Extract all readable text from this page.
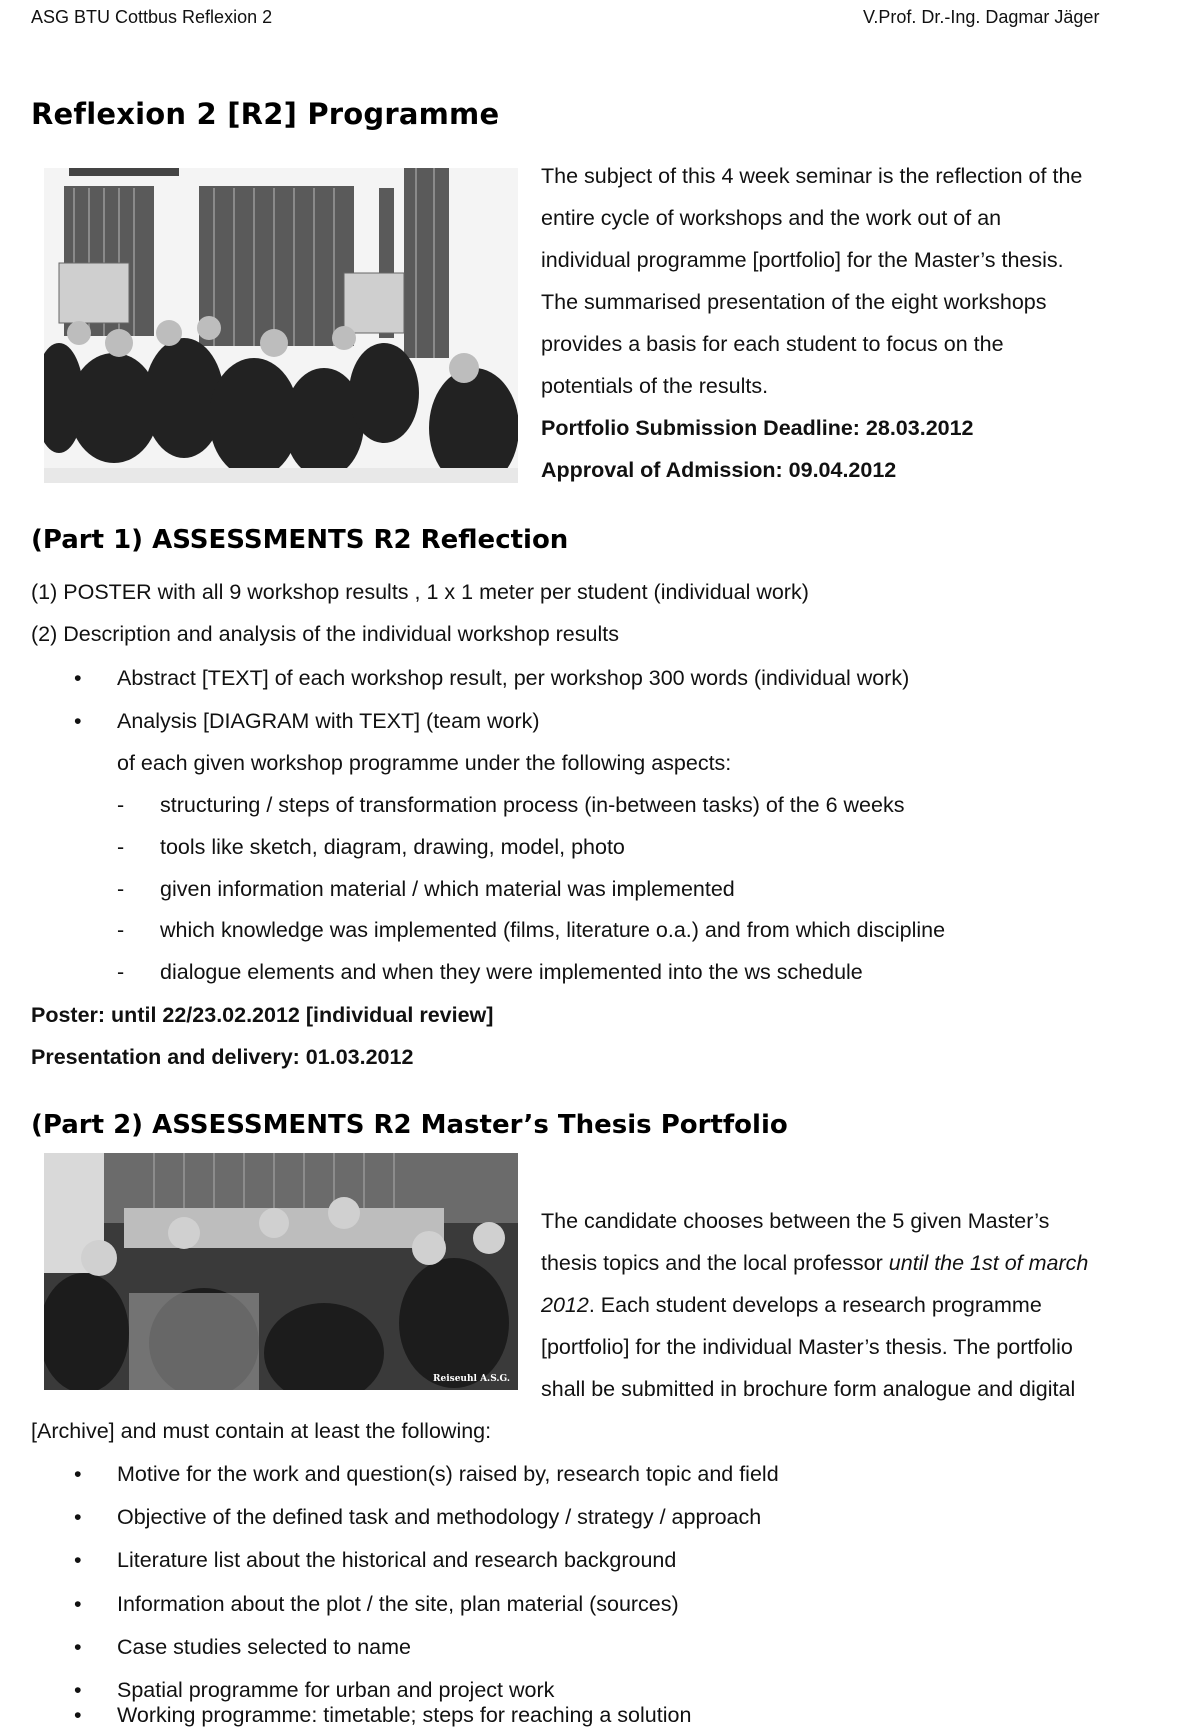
ASG BTU Cottbus Reflexion 2	V.Prof. Dr.-Ing. Dagmar Jäger
Reflexion 2 [R2] Programme
The subject of this 4 week seminar is the reflection of the
entire cycle of workshops and the work out of an
individual programme [portfolio] for the Master’s thesis.
The summarised presentation of the eight workshops
provides a basis for each student to focus on the
potentials of the results.
Portfolio Submission Deadline: 28.03.2012
Approval of Admission: 09.04.2012
(Part 1) ASSESSMENTS R2 Reflection
(1) POSTER with all 9 workshop results , 1 x 1 meter per student (individual work)
(2) Description and analysis of the individual workshop results
• Abstract [TEXT] of each workshop result, per workshop 300 words (individual work)
• Analysis [DIAGRAM with TEXT] (team work)
of each given workshop programme under the following aspects:
- structuring / steps of transformation process (in-between tasks) of the 6 weeks
- tools like sketch, diagram, drawing, model, photo
- given information material / which material was implemented
- which knowledge was implemented (films, literature o.a.) and from which discipline
- dialogue elements and when they were implemented into the ws schedule
Poster: until 22/23.02.2012 [individual review]
Presentation and delivery: 01.03.2012
(Part 2) ASSESSMENTS R2 Master’s Thesis Portfolio
Reiseuhl A.S.G.
The candidate chooses between the 5 given Master’s
thesis topics and the local professor until the 1st of march
2012. Each student develops a research programme
[portfolio] for the individual Master’s thesis. The portfolio
shall be submitted in brochure form analogue and digital
[Archive] and must contain at least the following:
• Motive for the work and question(s) raised by, research topic and field
• Objective of the defined task and methodology / strategy / approach
• Literature list about the historical and research background
• Information about the plot / the site, plan material (sources)
• Case studies selected to name
• Spatial programme for urban and project work
• Working programme: timetable; steps for reaching a solution
